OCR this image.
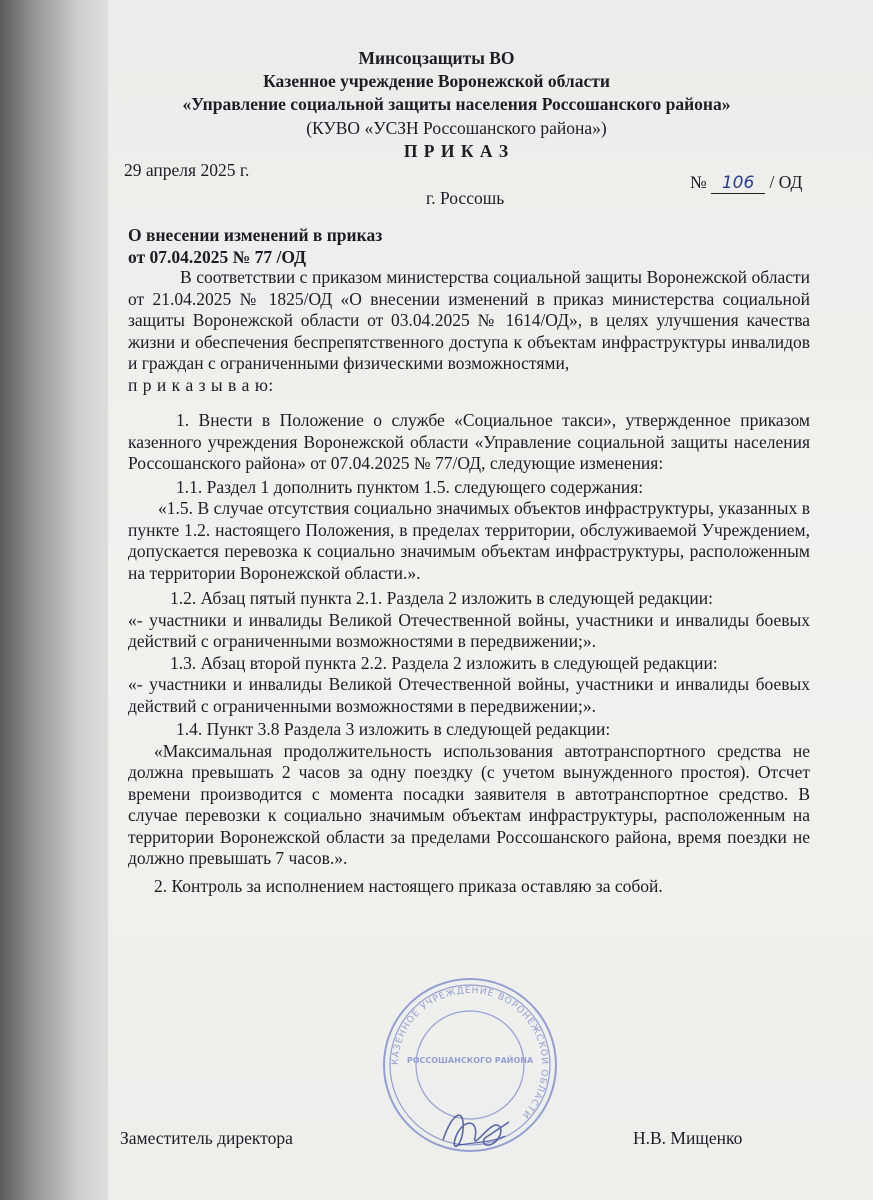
Минсоцзащиты ВО
Казенное учреждение Воронежской области
«Управление социальной защиты населения Россошанского района»
(КУВО «УСЗН Россошанского района»)
П Р И К А З
29 апреля 2025 г.
№ 106 / ОД
г. Россошь
О внесении изменений в приказ
от 07.04.2025 № 77 /ОД

В соответствии с приказом министерства социальной защиты Воронежской области от 21.04.2025 № 1825/ОД «О внесении изменений в приказ министерства социальной защиты Воронежской области от 03.04.2025 № 1614/ОД», в целях улучшения качества жизни и обеспечения беспрепятственного доступа к объектам инфраструктуры инвалидов и граждан с ограниченными физическими возможностями,

п р и к а з ы в а ю:

1. Внести в Положение о службе «Социальное такси», утвержденное приказом казенного учреждения Воронежской области «Управление социальной защиты населения Россошанского района» от 07.04.2025 № 77/ОД, следующие изменения:

1.1. Раздел 1 дополнить пунктом 1.5. следующего содержания:

«1.5. В случае отсутствия социально значимых объектов инфраструктуры, указанных в пункте 1.2. настоящего Положения, в пределах территории, обслуживаемой Учреждением, допускается перевозка к социально значимым объектам инфраструктуры, расположенным на территории Воронежской области.».

1.2. Абзац пятый пункта 2.1. Раздела 2 изложить в следующей редакции:

«- участники и инвалиды Великой Отечественной войны, участники и инвалиды боевых действий с ограниченными возможностями в передвижении;».

1.3. Абзац второй пункта 2.2. Раздела 2 изложить в следующей редакции:

«- участники и инвалиды Великой Отечественной войны, участники и инвалиды боевых действий с ограниченными возможностями в передвижении;».

1.4. Пункт 3.8 Раздела 3 изложить в следующей редакции:

«Максимальная продолжительность использования автотранспортного средства не должна превышать 2 часов за одну поездку (с учетом вынужденного простоя). Отсчет времени производится с момента посадки заявителя в автотранспортное средство. В случае перевозки к социально значимым объектам инфраструктуры, расположенным на территории Воронежской области за пределами Россошанского района, время поездки не должно превышать 7 часов.».

2. Контроль за исполнением настоящего приказа оставляю за собой.

КАЗЕННОЕ УЧРЕЖДЕНИЕ ВОРОНЕЖСКОЙ ОБЛАСТИ
РОССОШАНСКОГО РАЙОНА
Заместитель директора	Н.В. Мищенко
